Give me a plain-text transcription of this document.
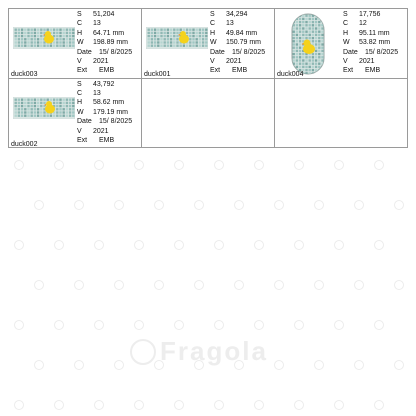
Fragola
duck003
S	51,204
C	13
H	64.71 mm
W	198.89 mm
Date	15/ 8/2025
V	2021
Ext	EMB
duck001
S	34,294
C	13
H	49.84 mm
W	150.79 mm
Date	15/ 8/2025
V	2021
Ext	EMB
duck004
S	17,756
C	12
H	95.11 mm
W	53.82 mm
Date	15/ 8/2025
V	2021
Ext	EMB
duck002
S	43,792
C	13
H	58.62 mm
W	179.19 mm
Date	15/ 8/2025
V	2021
Ext	EMB
